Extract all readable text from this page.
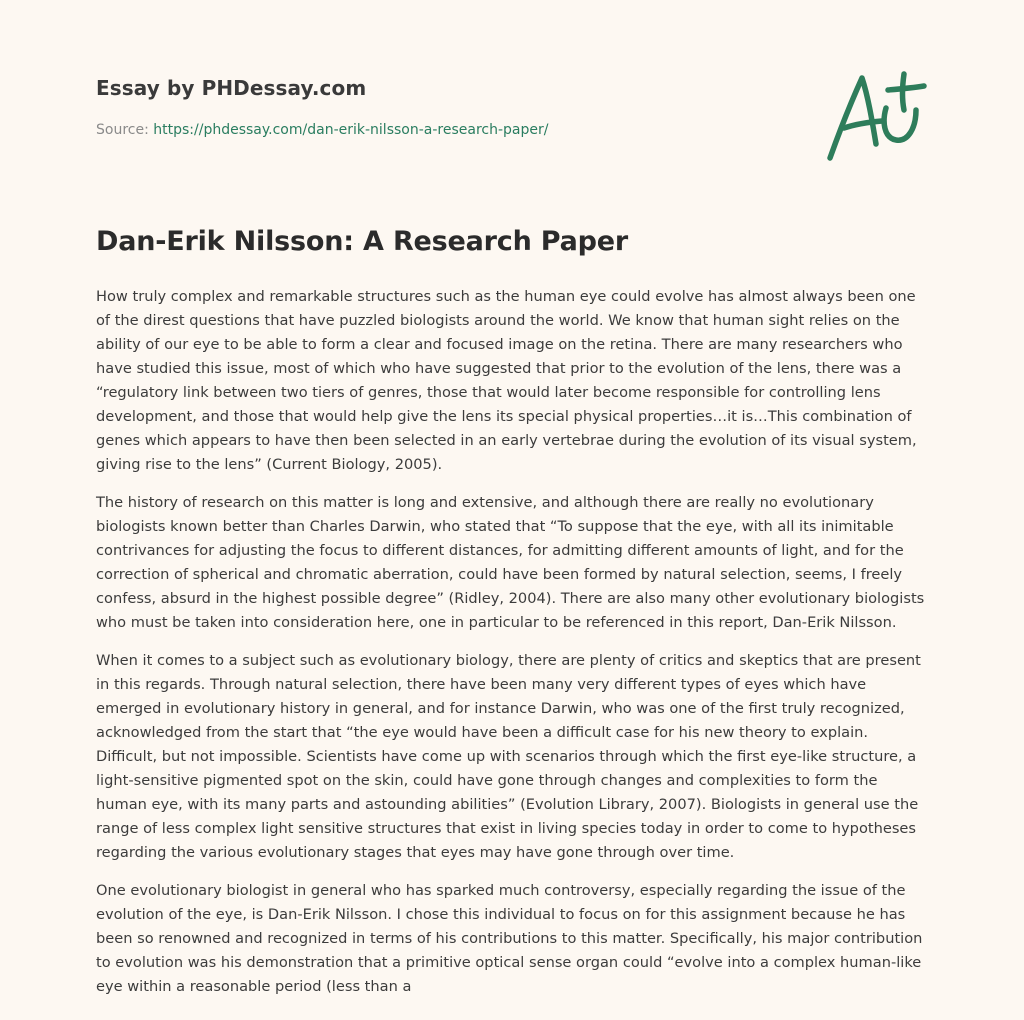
Essay by PHDessay.com
Source: https://phdessay.com/dan-erik-nilsson-a-research-paper/
Dan-Erik Nilsson: A Research Paper

How truly complex and remarkable structures such as the human eye could evolve has almost always been one of the direst questions that have puzzled biologists around the world. We know that human sight relies on the ability of our eye to be able to form a clear and focused image on the retina. There are many researchers who have studied this issue, most of which who have suggested that prior to the evolution of the lens, there was a “regulatory link between two tiers of genres, those that would later become responsible for controlling lens development, and those that would help give the lens its special physical properties…it is…This combination of genes which appears to have then been selected in an early vertebrae during the evolution of its visual system, giving rise to the lens” (Current Biology, 2005).

The history of research on this matter is long and extensive, and although there are really no evolutionary biologists known better than Charles Darwin, who stated that “To suppose that the eye, with all its inimitable contrivances for adjusting the focus to different distances, for admitting different amounts of light, and for the correction of spherical and chromatic aberration, could have been formed by natural selection, seems, I freely confess, absurd in the highest possible degree” (Ridley, 2004). There are also many other evolutionary biologists who must be taken into consideration here, one in particular to be referenced in this report, Dan-Erik Nilsson.

When it comes to a subject such as evolutionary biology, there are plenty of critics and skeptics that are present in this regards. Through natural selection, there have been many very different types of eyes which have emerged in evolutionary history in general, and for instance Darwin, who was one of the first truly recognized, acknowledged from the start that “the eye would have been a difficult case for his new theory to explain. Difficult, but not impossible. Scientists have come up with scenarios through which the first eye-like structure, a light-sensitive pigmented spot on the skin, could have gone through changes and complexities to form the human eye, with its many parts and astounding abilities” (Evolution Library, 2007). Biologists in general use the range of less complex light sensitive structures that exist in living species today in order to come to hypotheses regarding the various evolutionary stages that eyes may have gone through over time.

One evolutionary biologist in general who has sparked much controversy, especially regarding the issue of the evolution of the eye, is Dan-Erik Nilsson. I chose this individual to focus on for this assignment because he has been so renowned and recognized in terms of his contributions to this matter. Specifically, his major contribution to evolution was his demonstration that a primitive optical sense organ could “evolve into a complex human-like eye within a reasonable period (less than a
